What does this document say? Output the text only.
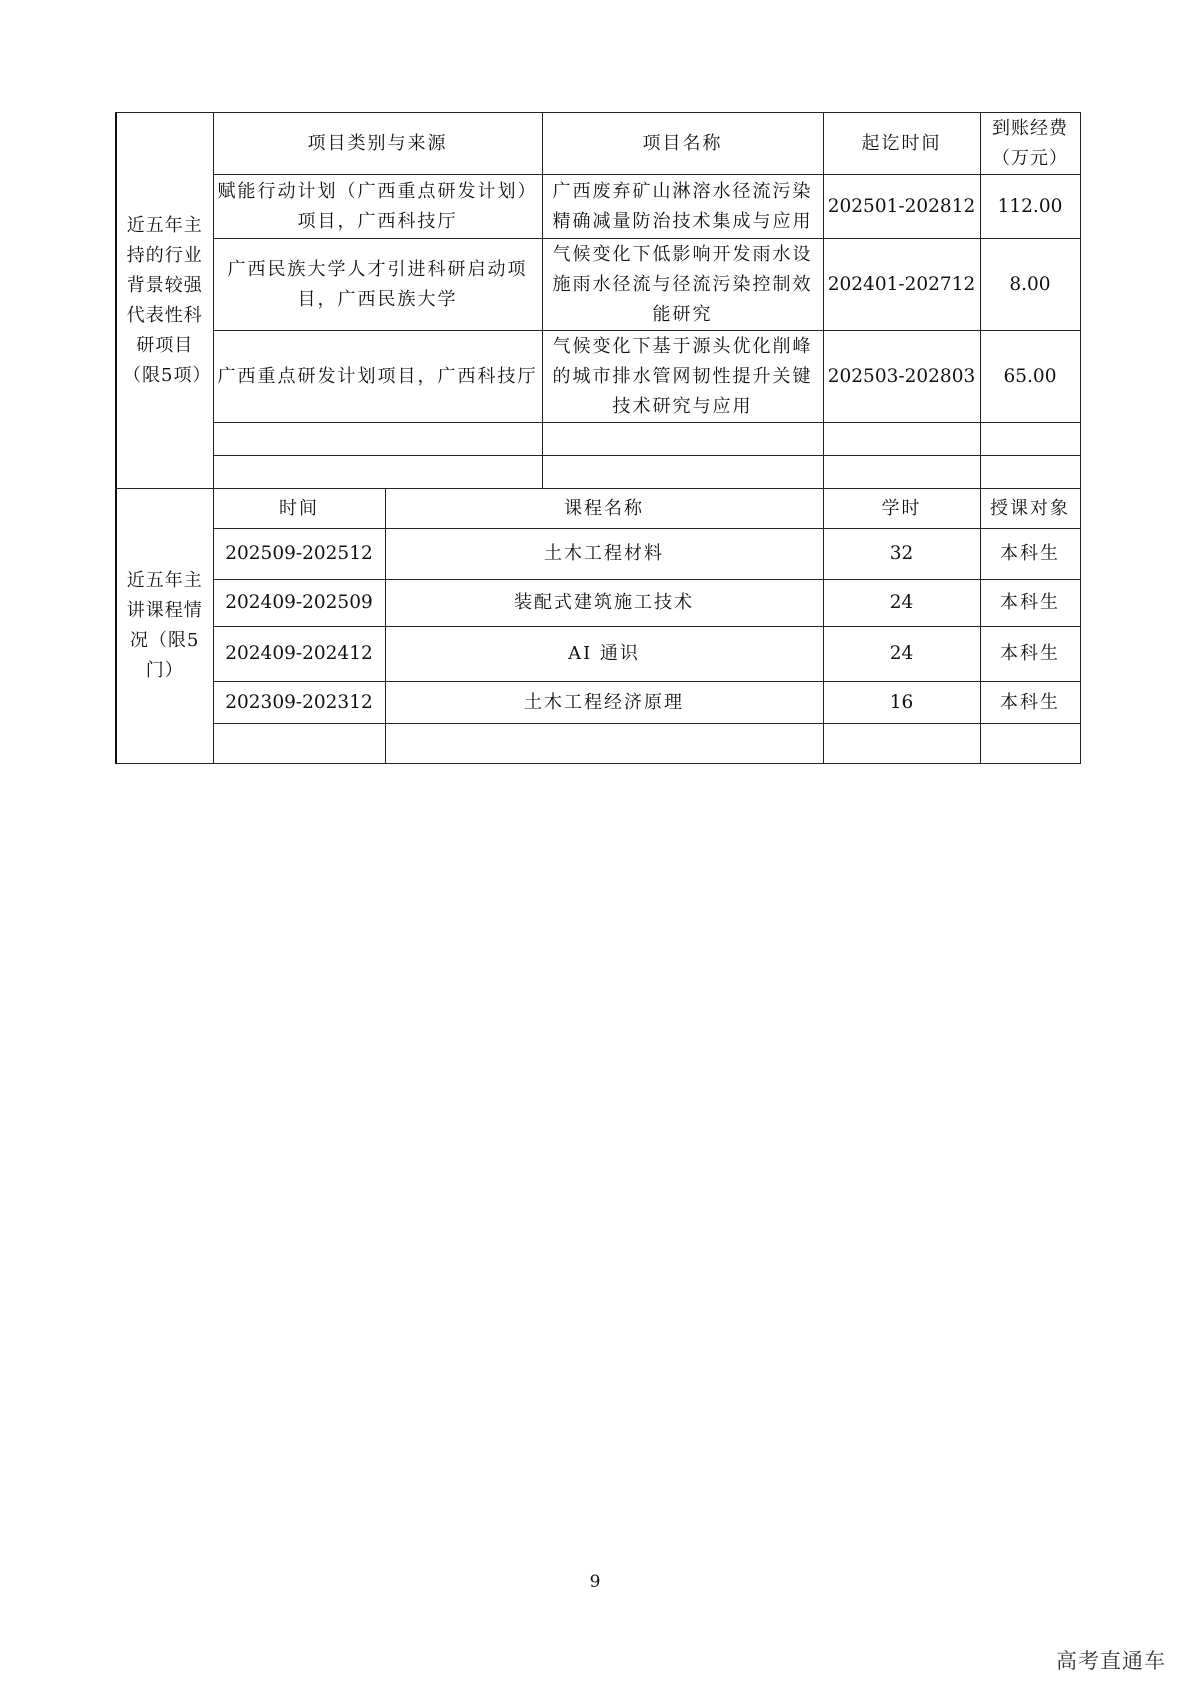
近五年主持的行业背景较强代表性科研项目（限5项）	项目类别与来源		项目名称	起讫时间	到账经费（万元）
	赋能行动计划（广西重点研发计划）项目，广西科技厅		广西废弃矿山淋溶水径流污染精确减量防治技术集成与应用	202501-202812	112.00
	广西民族大学人才引进科研启动项目，广西民族大学		气候变化下低影响开发雨水设施雨水径流与径流污染控制效能研究	202401-202712	8.00
	广西重点研发计划项目，广西科技厅		气候变化下基于源头优化削峰的城市排水管网韧性提升关键技术研究与应用	202503-202803	65.00

近五年主讲课程情况（限5门）	时间	课程名称		学时	授课对象
	202509-202512	土木工程材料		32	本科生
	202409-202509	装配式建筑施工技术		24	本科生
	202409-202412	AI 通识		24	本科生
	202309-202312	土木工程经济原理		16	本科生

9
高考直通车
